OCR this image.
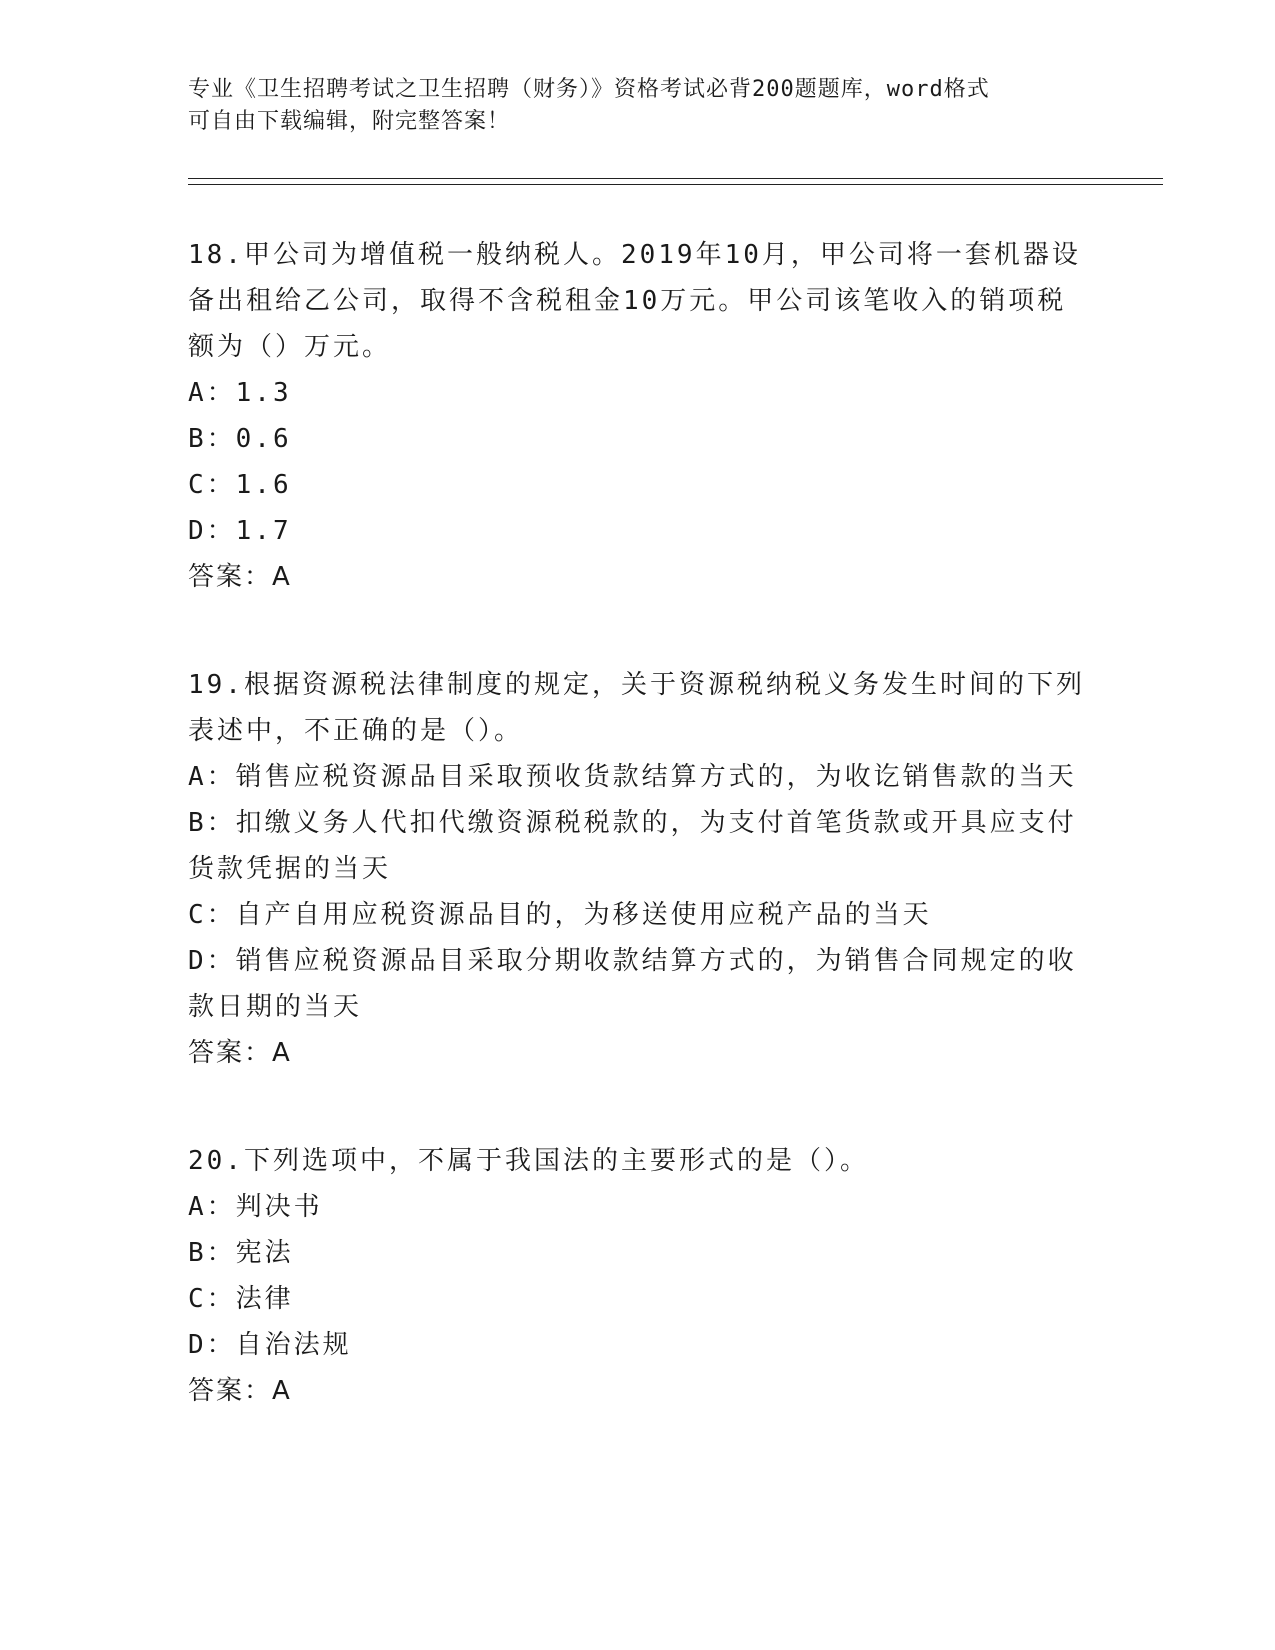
专业《卫生招聘考试之卫生招聘（财务）》资格考试必背200题题库，word格式
可自由下载编辑，附完整答案！

18.甲公司为增值税一般纳税人。2019年10月，甲公司将一套机器设备出租给乙公司，取得不含税租金10万元。甲公司该笔收入的销项税额为（）万元。

A：1.3

B：0.6

C：1.6

D：1.7

答案：A

19.根据资源税法律制度的规定，关于资源税纳税义务发生时间的下列表述中，不正确的是（）。

A：销售应税资源品目采取预收货款结算方式的，为收讫销售款的当天

B：扣缴义务人代扣代缴资源税税款的，为支付首笔货款或开具应支付货款凭据的当天

C：自产自用应税资源品目的，为移送使用应税产品的当天

D：销售应税资源品目采取分期收款结算方式的，为销售合同规定的收款日期的当天

答案：A

20.下列选项中，不属于我国法的主要形式的是（）。

A：判决书

B：宪法

C：法律

D：自治法规

答案：A
